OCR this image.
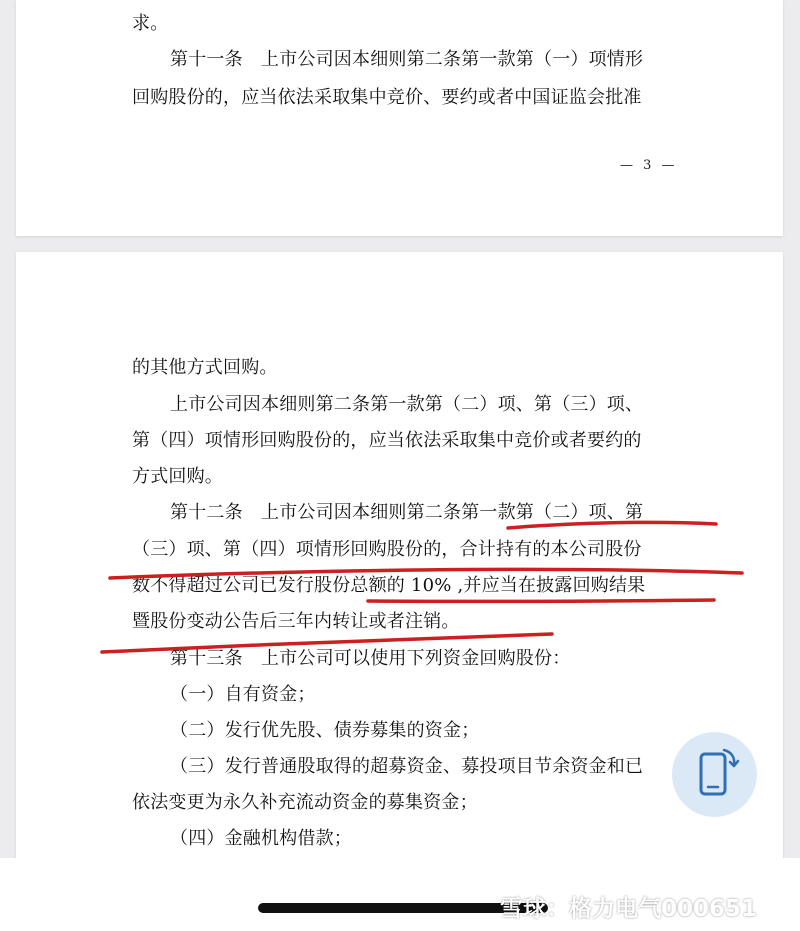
求。
第十一条　上市公司因本细则第二条第一款第（一）项情形
回购股份的，应当依法采取集中竞价、要约或者中国证监会批准
— 3 —
的其他方式回购。
上市公司因本细则第二条第一款第（二）项、第（三）项、
第（四）项情形回购股份的，应当依法采取集中竞价或者要约的
方式回购。
第十二条　上市公司因本细则第二条第一款第（二）项、第
（三）项、第（四）项情形回购股份的，合计持有的本公司股份
数不得超过公司已发行股份总额的 10% ,并应当在披露回购结果
暨股份变动公告后三年内转让或者注销。
第十三条　上市公司可以使用下列资金回购股份：
（一）自有资金；
（二）发行优先股、债券募集的资金；
（三）发行普通股取得的超募资金、募投项目节余资金和已
依法变更为永久补充流动资金的募集资金；
（四）金融机构借款；
雪球：格力电气000651
